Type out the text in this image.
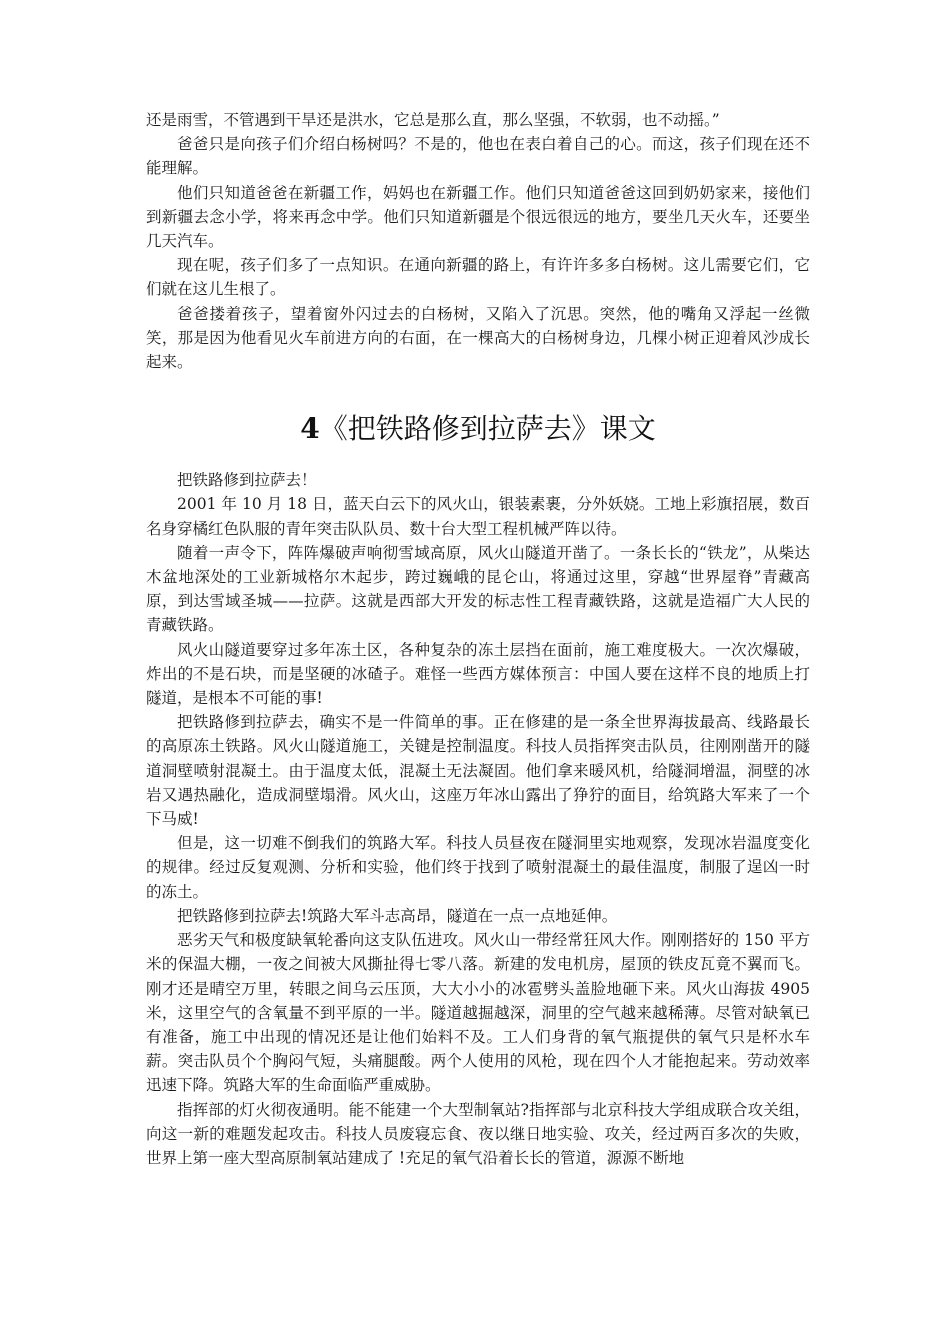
还是雨雪，不管遇到干旱还是洪水，它总是那么直，那么坚强，不软弱，也不动摇。”

爸爸只是向孩子们介绍白杨树吗？不是的，他也在表白着自己的心。而这，孩子们现在还不能理解。

他们只知道爸爸在新疆工作，妈妈也在新疆工作。他们只知道爸爸这回到奶奶家来，接他们到新疆去念小学，将来再念中学。他们只知道新疆是个很远很远的地方，要坐几天火车，还要坐几天汽车。

现在呢，孩子们多了一点知识。在通向新疆的路上，有许许多多白杨树。这儿需要它们，它们就在这儿生根了。

爸爸搂着孩子，望着窗外闪过去的白杨树，又陷入了沉思。突然，他的嘴角又浮起一丝微笑，那是因为他看见火车前进方向的右面，在一棵高大的白杨树身边，几棵小树正迎着风沙成长起来。

4《把铁路修到拉萨去》课文

把铁路修到拉萨去！

2001 年 10 月 18 日，蓝天白云下的风火山，银装素裹，分外妖娆。工地上彩旗招展，数百名身穿橘红色队服的青年突击队队员、数十台大型工程机械严阵以待。

随着一声令下，阵阵爆破声响彻雪域高原，风火山隧道开凿了。一条长长的“铁龙”，从柴达木盆地深处的工业新城格尔木起步，跨过巍峨的昆仑山，将通过这里，穿越“世界屋脊”青藏高原，到达雪域圣城——拉萨。这就是西部大开发的标志性工程青藏铁路，这就是造福广大人民的青藏铁路。

风火山隧道要穿过多年冻土区，各种复杂的冻土层挡在面前，施工难度极大。一次次爆破，炸出的不是石块，而是坚硬的冰碴子。难怪一些西方媒体预言：中国人要在这样不良的地质上打隧道，是根本不可能的事!

把铁路修到拉萨去，确实不是一件简单的事。正在修建的是一条全世界海拔最高、线路最长的高原冻土铁路。风火山隧道施工，关键是控制温度。科技人员指挥突击队员，往刚刚凿开的隧道洞壁喷射混凝土。由于温度太低，混凝土无法凝固。他们拿来暖风机，给隧洞增温，洞壁的冰岩又遇热融化，造成洞壁塌滑。风火山，这座万年冰山露出了狰狞的面目，给筑路大军来了一个下马威!

但是，这一切难不倒我们的筑路大军。科技人员昼夜在隧洞里实地观察，发现冰岩温度变化的规律。经过反复观测、分析和实验，他们终于找到了喷射混凝土的最佳温度，制服了逞凶一时的冻土。

把铁路修到拉萨去!筑路大军斗志高昂，隧道在一点一点地延伸。

恶劣天气和极度缺氧轮番向这支队伍进攻。风火山一带经常狂风大作。刚刚搭好的 150 平方米的保温大棚，一夜之间被大风撕扯得七零八落。新建的发电机房，屋顶的铁皮瓦竟不翼而飞。刚才还是晴空万里，转眼之间乌云压顶，大大小小的冰雹劈头盖脸地砸下来。风火山海拔 4905 米，这里空气的含氧量不到平原的一半。隧道越掘越深，洞里的空气越来越稀薄。尽管对缺氧已有准备，施工中出现的情况还是让他们始料不及。工人们身背的氧气瓶提供的氧气只是杯水车薪。突击队员个个胸闷气短，头痛腿酸。两个人使用的风枪，现在四个人才能抱起来。劳动效率迅速下降。筑路大军的生命面临严重威胁。

指挥部的灯火彻夜通明。能不能建一个大型制氧站?指挥部与北京科技大学组成联合攻关组，向这一新的难题发起攻击。科技人员废寝忘食、夜以继日地实验、攻关，经过两百多次的失败，世界上第一座大型高原制氧站建成了 !充足的氧气沿着长长的管道，源源不断地
